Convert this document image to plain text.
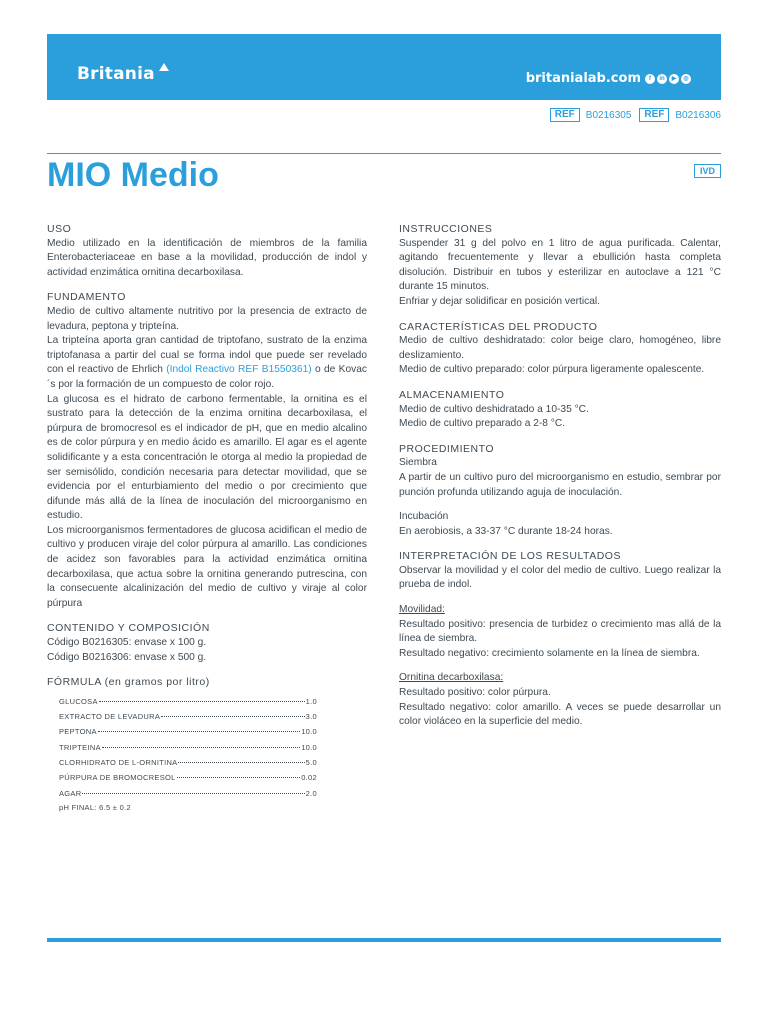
Britania	britanialab.com	f	in	▶	◎
REF	B0216305	REF	B0216306
MIO Medio	IVD
USO
Medio utilizado en la identificación de miembros de la familia Enterobacteriaceae en base a la movilidad, producción de indol y actividad enzimática ornitina decarboxilasa.
FUNDAMENTO
Medio de cultivo altamente nutritivo por la presencia de extracto de levadura, peptona y tripteína.
La tripteína aporta gran cantidad de triptofano, sustrato de la enzima triptofanasa a partir del cual se forma indol que puede ser revelado con el reactivo de Ehrlich (Indol Reactivo REF B1550361) o de Kovac´s por la formación de un compuesto de color rojo.
La glucosa es el hidrato de carbono fermentable, la ornitina es el sustrato para la detección de la enzima ornitina decarboxilasa, el púrpura de bromocresol es el indicador de pH, que en medio alcalino es de color púrpura y en medio ácido es amarillo. El agar es el agente solidificante y a esta concentración le otorga al medio la propiedad de ser semisólido, condición necesaria para detectar movilidad, que se evidencia por el enturbiamiento del medio o por crecimiento que difunde más allá de la línea de inoculación del microorganismo en estudio.
Los microorganismos fermentadores de glucosa acidifican el medio de cultivo y producen viraje del color púrpura al amarillo. Las condiciones de acidez son favorables para la actividad enzimática ornitina decarboxilasa, que actua sobre la ornitina generando putrescina, con la consecuente alcalinización del medio de cultivo y viraje al color púrpura
CONTENIDO Y COMPOSICIÓN
Código B0216305: envase x 100 g.
Código B0216306: envase x 500 g.
FÓRMULA (en gramos por litro)
GLUCOSA	1.0
EXTRACTO DE LEVADURA	3.0
PEPTONA	10.0
TRIPTEINA	10.0
CLORHIDRATO DE L-ORNITINA	5.0
PÚRPURA DE BROMOCRESOL	0.02
AGAR	2.0
pH FINAL: 6.5 ± 0.2
INSTRUCCIONES
Suspender 31 g del polvo en 1 litro de agua purificada. Calentar, agitando frecuentemente y llevar a ebullición hasta completa disolución. Distribuir en tubos y esterilizar en autoclave a 121 °C durante 15 minutos.
Enfriar y dejar solidificar en posición vertical.
CARACTERÍSTICAS DEL PRODUCTO
Medio de cultivo deshidratado: color beige claro, homogéneo, libre deslizamiento.
Medio de cultivo preparado: color púrpura ligeramente opalescente.
ALMACENAMIENTO
Medio de cultivo deshidratado a 10-35 °C.
Medio de cultivo preparado a 2-8 °C.
PROCEDIMIENTO
Siembra
A partir de un cultivo puro del microorganismo en estudio, sembrar por punción profunda utilizando aguja de inoculación.
Incubación
En aerobiosis, a 33-37 °C durante 18-24 horas.
INTERPRETACIÓN DE LOS RESULTADOS
Observar la movilidad y el color del medio de cultivo. Luego realizar la prueba de indol.
Movilidad:
Resultado positivo: presencia de turbidez o crecimiento mas allá de la línea de siembra.
Resultado negativo: crecimiento solamente en la línea de siembra.
Ornitina decarboxilasa:
Resultado positivo: color púrpura.
Resultado negativo: color amarillo. A veces se puede desarrollar un color violáceo en la superficie del medio.
